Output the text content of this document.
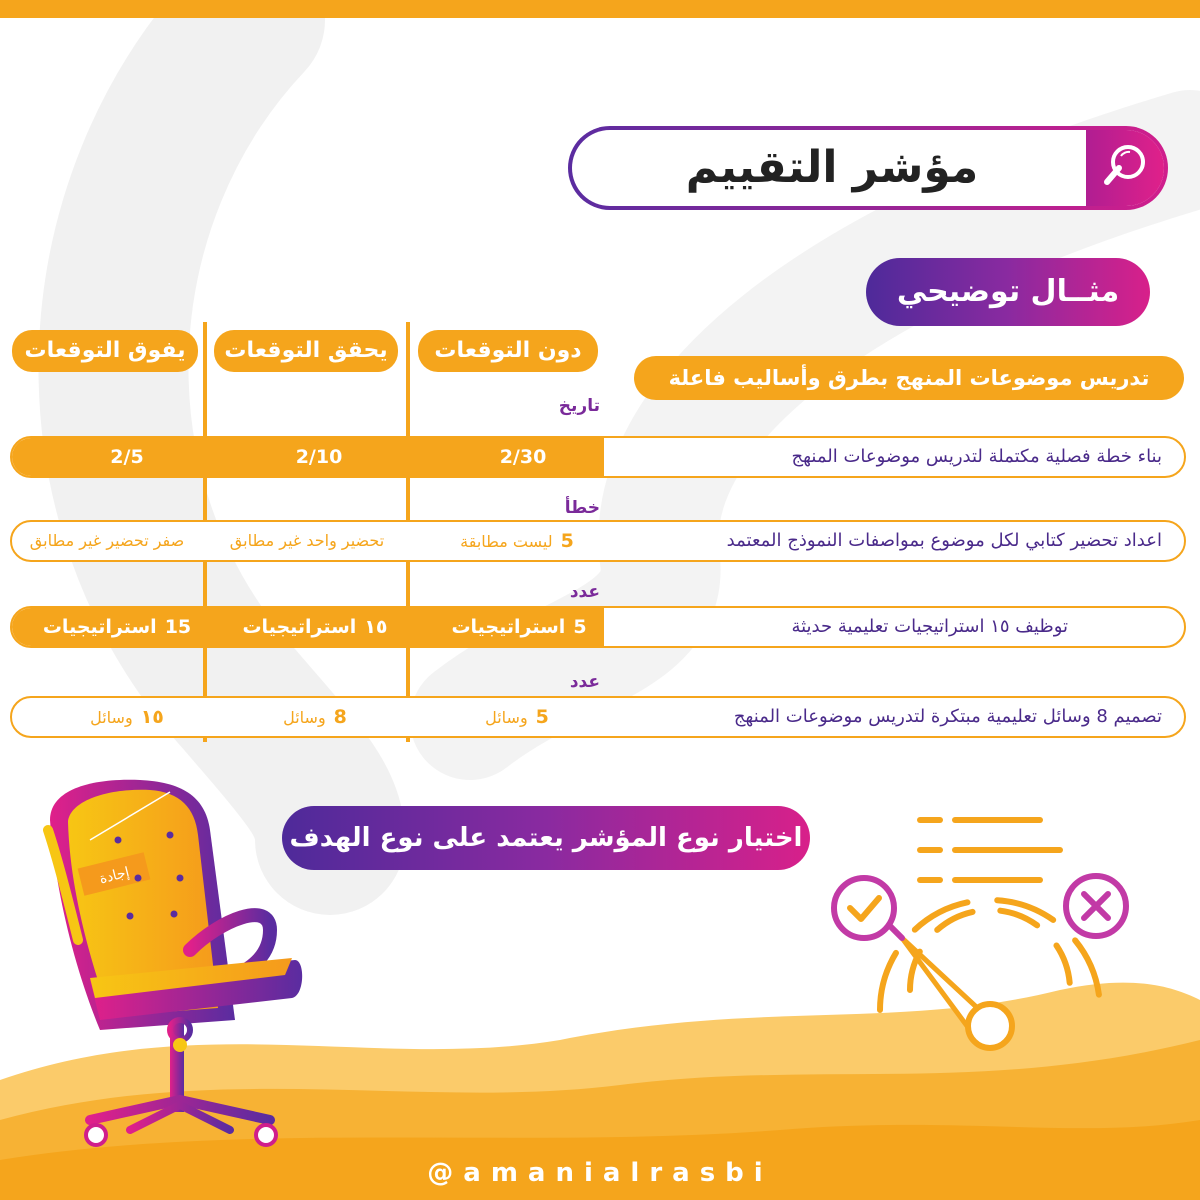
مؤشر التقييم
مثــال توضيحي
دون التوقعات
يحقق التوقعات
يفوق التوقعات
تدريس موضوعات المنهج بطرق وأساليب فاعلة
تاريخ
بناء خطة فصلية مكتملة لتدريس موضوعات المنهج
2/30
2/10
2/5
خطأ
اعداد تحضير كتابي لكل موضوع بمواصفات النموذج المعتمد
5ليست مطابقة
تحضير واحد غير مطابق
صفر تحضير غير مطابق
عدد
توظيف ١٥ استراتيجيات تعليمية حديثة
5استراتيجيات
١٥استراتيجيات
15استراتيجيات
عدد
تصميم 8 وسائل تعليمية مبتكرة لتدريس موضوعات المنهج
5وسائل
8وسائل
١٥وسائل
اختيار نوع المؤشر يعتمد على نوع الهدف
إجادة
@amanialrasbi
